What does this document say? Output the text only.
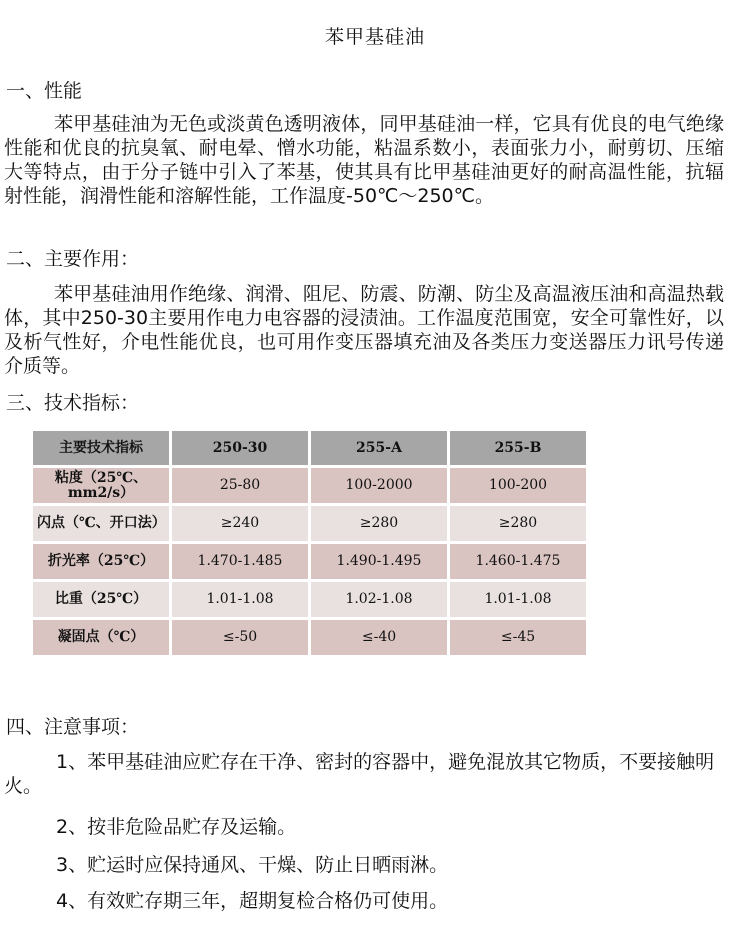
苯甲基硅油
一、性能
苯甲基硅油为无色或淡黄色透明液体，同甲基硅油一样，它具有优良的电气绝缘性能和优良的抗臭氧、耐电晕、憎水功能，粘温系数小，表面张力小，耐剪切、压缩大等特点，由于分子链中引入了苯基，使其具有比甲基硅油更好的耐高温性能，抗辐射性能，润滑性能和溶解性能，工作温度-50℃～250℃。
二、主要作用：
苯甲基硅油用作绝缘、润滑、阻尼、防震、防潮、防尘及高温液压油和高温热载体，其中250-30主要用作电力电容器的浸渍油。工作温度范围宽，安全可靠性好，以及析气性好，介电性能优良，也可用作变压器填充油及各类压力变送器压力讯号传递介质等。
三、技术指标：
主要技术指标	250-30	255-A	255-B
粘度（25℃、mm2/s）	25-80	100-2000	100-200
闪点（℃、开口法）	≥240	≥280	≥280
折光率（25℃）	1.470-1.485	1.490-1.495	1.460-1.475
比重（25℃）	1.01-1.08	1.02-1.08	1.01-1.08
凝固点（℃）	≤-50	≤-40	≤-45
四、注意事项：
1、苯甲基硅油应贮存在干净、密封的容器中，避免混放其它物质，不要接触明火。
2、按非危险品贮存及运输。
3、贮运时应保持通风、干燥、防止日晒雨淋。
4、有效贮存期三年，超期复检合格仍可使用。
